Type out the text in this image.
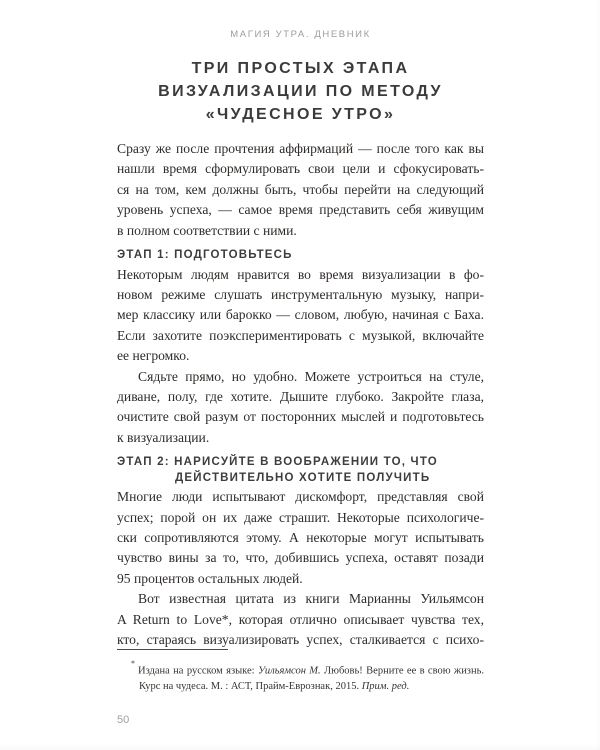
МАГИЯ УТРА. ДНЕВНИК
ТРИ ПРОСТЫХ ЭТАПА
ВИЗУАЛИЗАЦИИ ПО МЕТОДУ
«ЧУДЕСНОЕ УТРО»
Сразу же после прочтения аффирмаций — после того как вы
нашли время сформулировать свои цели и сфокусировать-
ся на том, кем должны быть, чтобы перейти на следующий
уровень успеха, — самое время представить себя живущим
в полном соответствии с ними.
ЭТАП 1: ПОДГОТОВЬТЕСЬ
Некоторым людям нравится во время визуализации в фо-
новом режиме слушать инструментальную музыку, напри-
мер классику или барокко — словом, любую, начиная с Баха.
Если захотите поэкспериментировать с музыкой, включайте
ее негромко.
Сядьте прямо, но удобно. Можете устроиться на стуле,
диване, полу, где хотите. Дышите глубоко. Закройте глаза,
очистите свой разум от посторонних мыслей и подготовьтесь
к визуализации.
ЭТАП 2: НАРИСУЙТЕ В ВООБРАЖЕНИИ ТО, ЧТО
ДЕЙСТВИТЕЛЬНО ХОТИТЕ ПОЛУЧИТЬ
Многие люди испытывают дискомфорт, представляя свой
успех; порой он их даже страшит. Некоторые психологиче-
ски сопротивляются этому. А некоторые могут испытывать
чувство вины за то, что, добившись успеха, оставят позади
95 процентов остальных людей.
Вот известная цитата из книги Марианны Уильямсон
A Return to Love*, которая отлично описывает чувства тех,
кто, стараясь визуализировать успех, сталкивается с психо-

*Издана на русском языке: Уильямсон М. Любовь! Верните ее в свою жизнь. Курс на чудеса. М. : АСТ, Прайм-Еврознак, 2015. Прим. ред.

50
